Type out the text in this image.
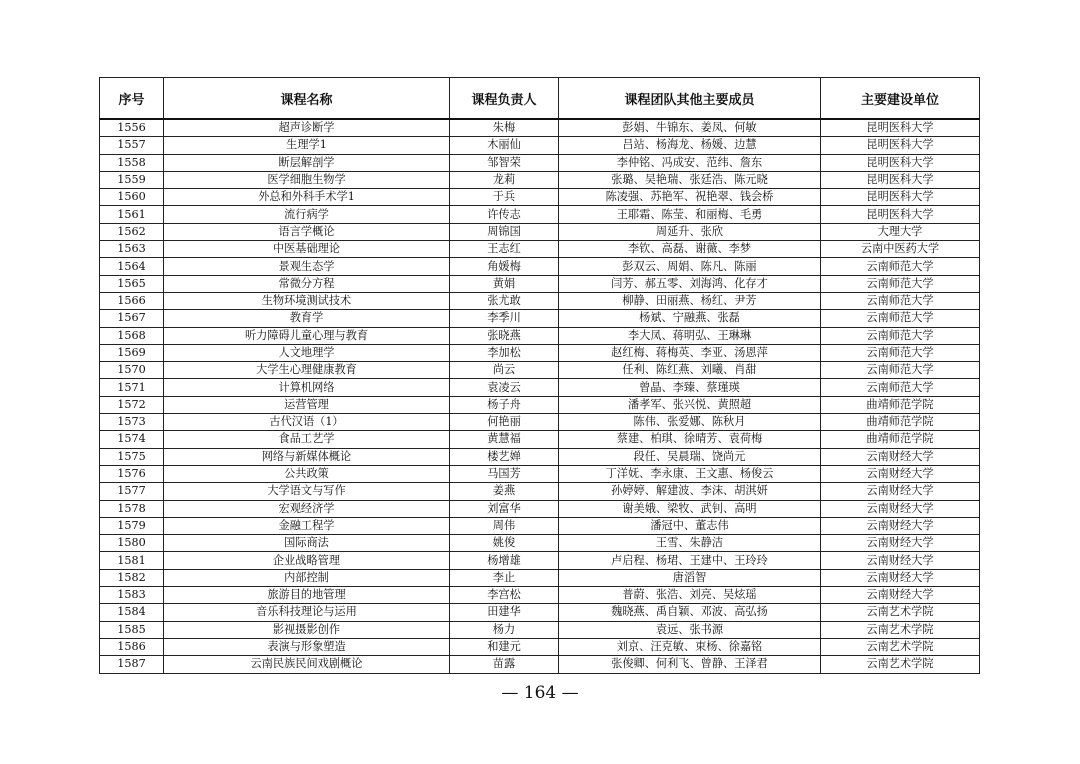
序号	课程名称	课程负责人	课程团队其他主要成员	主要建设单位
1556	超声诊断学	朱梅	彭娟、牛锦东、姜凤、何敏	昆明医科大学
1557	生理学1	木丽仙	吕站、杨海龙、杨媛、边慧	昆明医科大学
1558	断层解剖学	邹智荣	李仲铭、冯成安、范纬、詹东	昆明医科大学
1559	医学细胞生物学	龙莉	张璐、吴艳瑞、张廷浩、陈元晓	昆明医科大学
1560	外总和外科手术学1	于兵	陈凌强、苏艳军、祝艳翠、钱会桥	昆明医科大学
1561	流行病学	许传志	王耶霜、陈莹、和丽梅、毛勇	昆明医科大学
1562	语言学概论	周锦国	周延升、张欣	大理大学
1563	中医基础理论	王志红	李钦、高磊、谢薇、李梦	云南中医药大学
1564	景观生态学	角媛梅	彭双云、周娟、陈凡、陈丽	云南师范大学
1565	常微分方程	黄娟	闫芳、郝五零、刘海鸿、化存才	云南师范大学
1566	生物环境测试技术	张尤敢	柳静、田丽燕、杨红、尹芳	云南师范大学
1567	教育学	李季川	杨斌、宁融燕、张磊	云南师范大学
1568	听力障碍儿童心理与教育	张晓燕	李大凤、蒋明弘、王琳琳	云南师范大学
1569	人文地理学	李加松	赵红梅、蒋梅英、李亚、汤恩萍	云南师范大学
1570	大学生心理健康教育	尚云	任利、陈红燕、刘曦、肖甜	云南师范大学
1571	计算机网络	袁凌云	曾晶、李臻、蔡瑾瑛	云南师范大学
1572	运营管理	杨子舟	潘孝军、张兴悦、黄照超	曲靖师范学院
1573	古代汉语（1）	何艳丽	陈伟、张爱娜、陈秋月	曲靖师范学院
1574	食品工艺学	黄慧福	蔡建、柏琪、徐晴芳、袁荷梅	曲靖师范学院
1575	网络与新媒体概论	楼艺婵	段任、吴晨瑞、饶尚元	云南财经大学
1576	公共政策	马国芳	丁洋妩、李永康、王文惠、杨俊云	云南财经大学
1577	大学语文与写作	姜燕	孙婷婷、解建波、李沫、胡淇妍	云南财经大学
1578	宏观经济学	刘富华	谢美娥、梁牧、武钊、高明	云南财经大学
1579	金融工程学	周伟	潘冠中、董志伟	云南财经大学
1580	国际商法	姚俊	王雪、朱静洁	云南财经大学
1581	企业战略管理	杨增雄	卢启程、杨珺、王建中、王玲玲	云南财经大学
1582	内部控制	李止	唐滔智	云南财经大学
1583	旅游目的地管理	李宫松	普蔚、张浩、刘亮、吴炫瑶	云南财经大学
1584	音乐科技理论与运用	田建华	魏晓燕、禹自颖、邓波、高弘扬	云南艺术学院
1585	影视摄影创作	杨力	袁远、张书源	云南艺术学院
1586	表演与形象塑造	和建元	刘京、汪克敏、束杨、徐嘉铭	云南艺术学院
1587	云南民族民间戏剧概论	苗露	张俊卿、何利飞、曾静、王泽君	云南艺术学院
— 164 —
